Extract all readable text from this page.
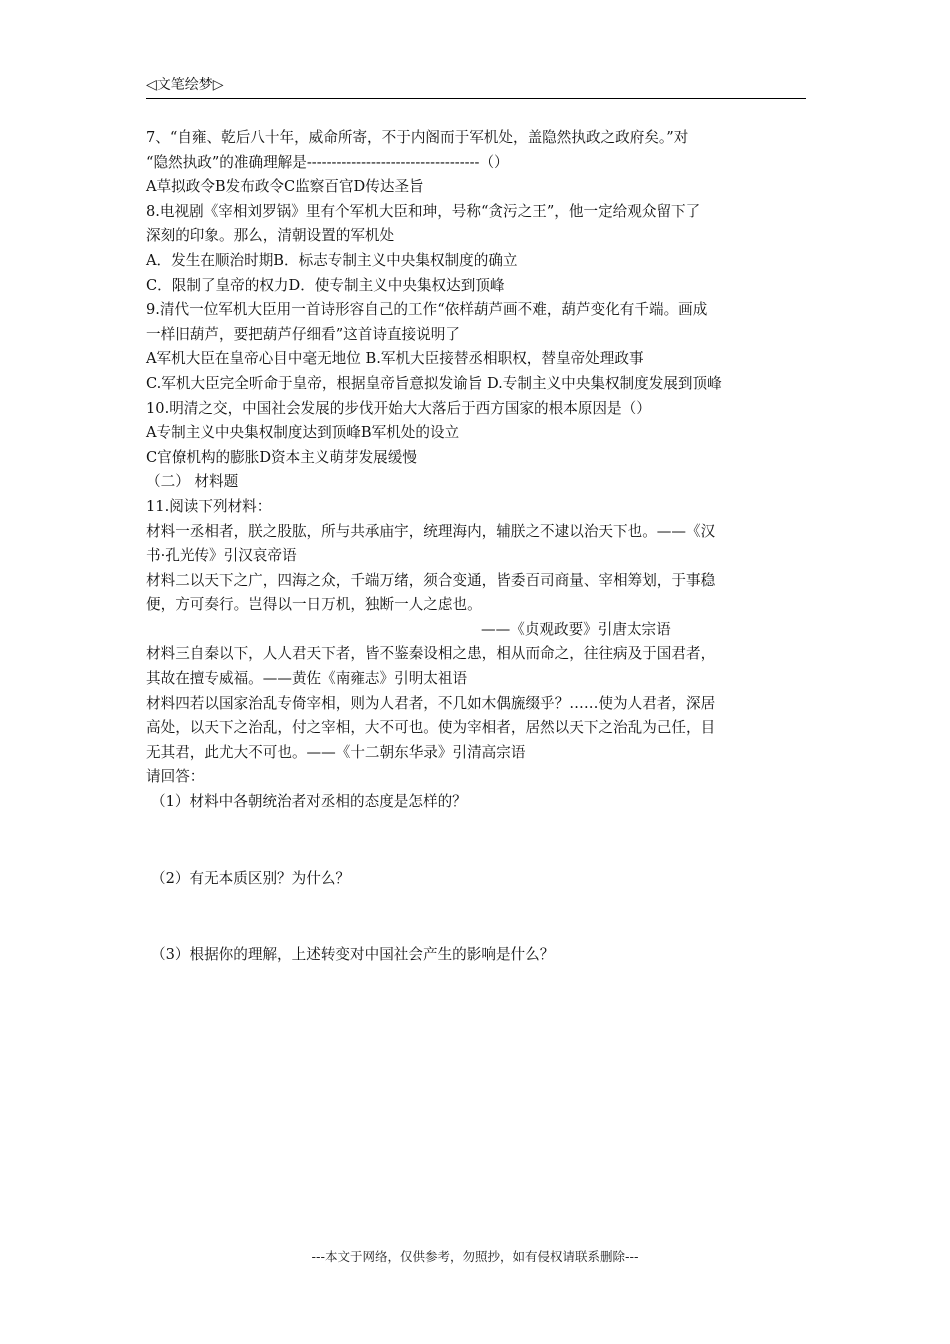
◁文笔绘梦▷

7、“自雍、乾后八十年，威命所寄，不于内阁而于军机处，盖隐然执政之政府矣。”对

“隐然执政”的准确理解是-----------------------------------（）

A草拟政令B发布政令C监察百官D传达圣旨

8.电视剧《宰相刘罗锅》里有个军机大臣和珅，号称“贪污之王”，他一定给观众留下了

深刻的印象。那么，清朝设置的军机处

A．发生在顺治时期B．标志专制主义中央集权制度的确立

C．限制了皇帝的权力D．使专制主义中央集权达到顶峰

9.清代一位军机大臣用一首诗形容自己的工作“依样葫芦画不难，葫芦变化有千端。画成

一样旧葫芦，要把葫芦仔细看”这首诗直接说明了

A军机大臣在皇帝心目中毫无地位 B.军机大臣接替丞相职权，替皇帝处理政事

C.军机大臣完全听命于皇帝，根据皇帝旨意拟发谕旨 D.专制主义中央集权制度发展到顶峰

10.明清之交，中国社会发展的步伐开始大大落后于西方国家的根本原因是（）

A专制主义中央集权制度达到顶峰B军机处的设立

C官僚机构的膨胀D资本主义萌芽发展缓慢

（二） 材料题

11.阅读下列材料：

材料一丞相者，朕之股肱，所与共承庙宇，统理海内，辅朕之不逮以治天下也。——《汉

书·孔光传》引汉哀帝语

材料二以天下之广，四海之众，千端万绪，须合变通，皆委百司商量、宰相筹划，于事稳

便，方可奏行。岂得以一日万机，独断一人之虑也。

——《贞观政要》引唐太宗语

材料三自秦以下，人人君天下者，皆不鉴秦设相之患，相从而命之，往往病及于国君者，

其故在擅专威福。——黄佐《南雍志》引明太祖语

材料四若以国家治乱专倚宰相，则为人君者，不几如木偶旒缀乎？……使为人君者，深居

高处，以天下之治乱，付之宰相，大不可也。使为宰相者，居然以天下之治乱为己任，目

无其君，此尤大不可也。——《十二朝东华录》引清高宗语

请回答：

（1）材料中各朝统治者对丞相的态度是怎样的？

（2）有无本质区别？为什么？

（3）根据你的理解，上述转变对中国社会产生的影响是什么？

---本文于网络，仅供参考，勿照抄，如有侵权请联系删除---
